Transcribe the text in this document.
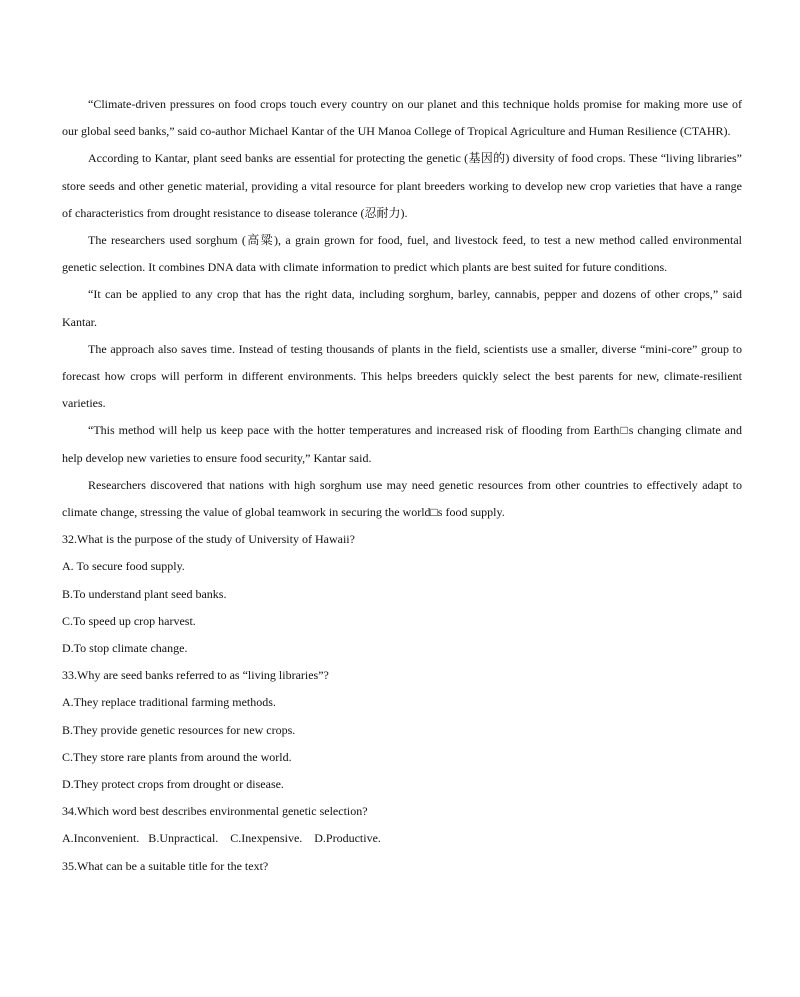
“Climate-driven pressures on food crops touch every country on our planet and this technique holds promise for making more use of our global seed banks,” said co-author Michael Kantar of the UH Manoa College of Tropical Agriculture and Human Resilience (CTAHR).

According to Kantar, plant seed banks are essential for protecting the genetic (基因的) diversity of food crops. These “living libraries” store seeds and other genetic material, providing a vital resource for plant breeders working to develop new crop varieties that have a range of characteristics from drought resistance to disease tolerance (忍耐力).

The researchers used sorghum (高粱), a grain grown for food, fuel, and livestock feed, to test a new method called environmental genetic selection. It combines DNA data with climate information to predict which plants are best suited for future conditions.

“It can be applied to any crop that has the right data, including sorghum, barley, cannabis, pepper and dozens of other crops,” said Kantar.

The approach also saves time. Instead of testing thousands of plants in the field, scientists use a smaller, diverse “mini-core” group to forecast how crops will perform in different environments. This helps breeders quickly select the best parents for new, climate-resilient varieties.

“This method will help us keep pace with the hotter temperatures and increased risk of flooding from Earth□s changing climate and help develop new varieties to ensure food security,” Kantar said.

Researchers discovered that nations with high sorghum use may need genetic resources from other countries to effectively adapt to climate change, stressing the value of global teamwork in securing the world□s food supply.

32.What is the purpose of the study of University of Hawaii?

A. To secure food supply.

B.To understand plant seed banks.

C.To speed up crop harvest.

D.To stop climate change.

33.Why are seed banks referred to as “living libraries”?

A.They replace traditional farming methods.

B.They provide genetic resources for new crops.

C.They store rare plants from around the world.

D.They protect crops from drought or disease.

34.Which word best describes environmental genetic selection?

A.Inconvenient.   B.Unpractical.    C.Inexpensive.    D.Productive.

35.What can be a suitable title for the text?
